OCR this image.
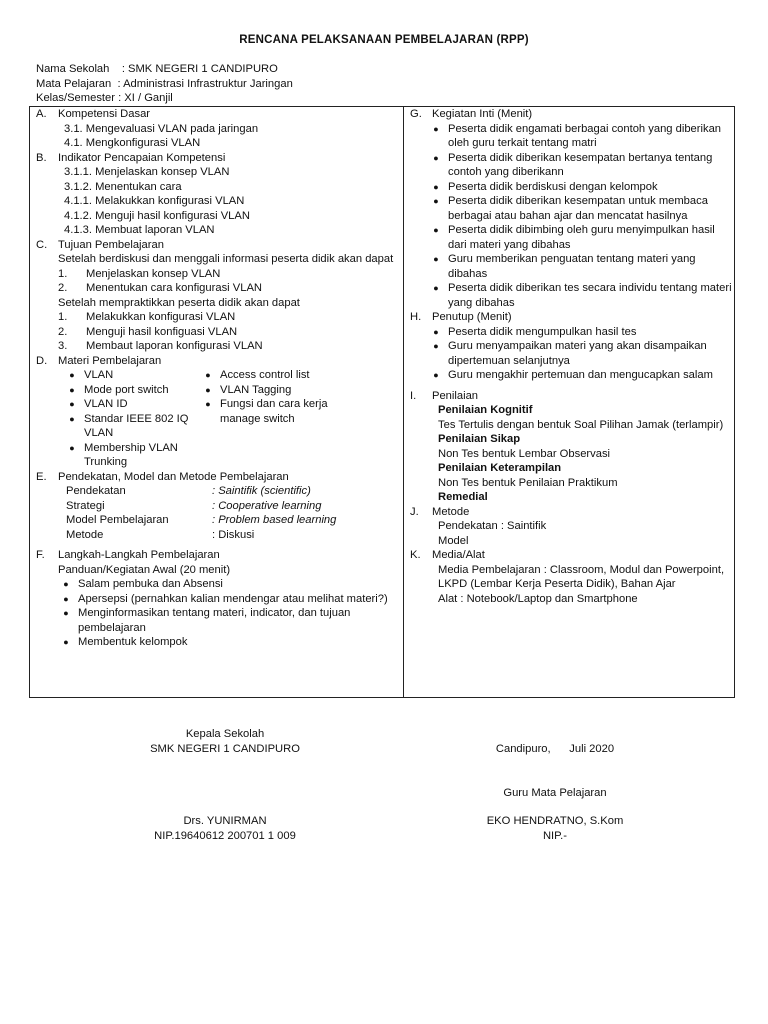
RENCANA PELAKSANAAN PEMBELAJARAN (RPP)
Nama Sekolah    : SMK NEGERI 1 CANDIPURO
Mata Pelajaran  : Administrasi Infrastruktur Jaringan
Kelas/Semester : XI / Ganjil
A.	Kompetensi Dasar
3.1. Mengevaluasi VLAN pada jaringan
4.1. Mengkonfigurasi VLAN
B.	Indikator Pencapaian Kompetensi
3.1.1. Menjelaskan konsep VLAN
3.1.2. Menentukan cara
4.1.1. Melakukkan konfigurasi VLAN
4.1.2. Menguji hasil konfigurasi VLAN
4.1.3. Membuat laporan VLAN
C. Tujuan Pembelajaran
Setelah berdiskusi dan menggali informasi peserta didik akan dapat
1.	Menjelaskan konsep VLAN
2.	Menentukan cara konfigurasi VLAN
Setelah mempraktikkan peserta didik akan dapat
1.	Melakukkan konfigurasi VLAN
2.	Menguji hasil konfiguasi VLAN
3.	Membaut laporan konfigurasi VLAN
D. Materi Pembelajaran
● VLAN
● Mode port switch
● VLAN ID
● Standar IEEE 802 IQ VLAN
● Membership VLAN Trunking
● Access control list
● VLAN Tagging
● Fungsi dan cara kerja manage switch
E.	Pendekatan, Model dan Metode Pembelajaran
Pendekatan	: Saintifik (scientific)
Strategi	: Cooperative learning
Model Pembelajaran	: Problem based learning
Metode	: Diskusi
F.	Langkah-Langkah Pembelajaran
Panduan/Kegiatan Awal (20 menit)
● Salam pembuka dan Absensi
● Apersepsi (pernahkan kalian mendengar atau melihat materi?)
● Menginformasikan tentang materi, indicator, dan tujuan pembelajaran
● Membentuk kelompok
G. Kegiatan Inti (Menit)
● Peserta didik engamati berbagai contoh yang diberikan oleh guru terkait tentang matri
● Peserta didik diberikan kesempatan bertanya tentang contoh yang diberikann
● Peserta didik berdiskusi dengan kelompok
● Peserta didik diberikan kesempatan untuk membaca berbagai atau bahan ajar dan mencatat hasilnya
● Peserta didik dibimbing oleh guru menyimpulkan hasil dari materi yang dibahas
● Guru memberikan penguatan tentang materi yang dibahas
● Peserta didik diberikan tes secara individu tentang materi yang dibahas
H. Penutup (Menit)
● Peserta didik mengumpulkan hasil tes
● Guru menyampaikan materi yang akan disampaikan dipertemuan selanjutnya
● Guru mengakhir pertemuan dan mengucapkan salam
I.	Penilaian
Penilaian Kognitif
Tes Tertulis dengan bentuk Soal Pilihan Jamak (terlampir)
Penilaian Sikap
Non Tes bentuk Lembar Observasi
Penilaian Keterampilan
Non Tes bentuk Penilaian Praktikum
Remedial
J.	Metode
Pendekatan : Saintifik
Model
K.	Media/Alat
Media Pembelajaran : Classroom, Modul dan Powerpoint, LKPD (Lembar Kerja Peserta Didik), Bahan Ajar
Alat : Notebook/Laptop dan Smartphone
Kepala Sekolah
SMK NEGERI 1 CANDIPURO
Drs. YUNIRMAN
NIP.19640612 200701 1 009

Candipuro,      Juli 2020

Guru Mata Pelajaran

EKO HENDRATNO, S.Kom
NIP.-
